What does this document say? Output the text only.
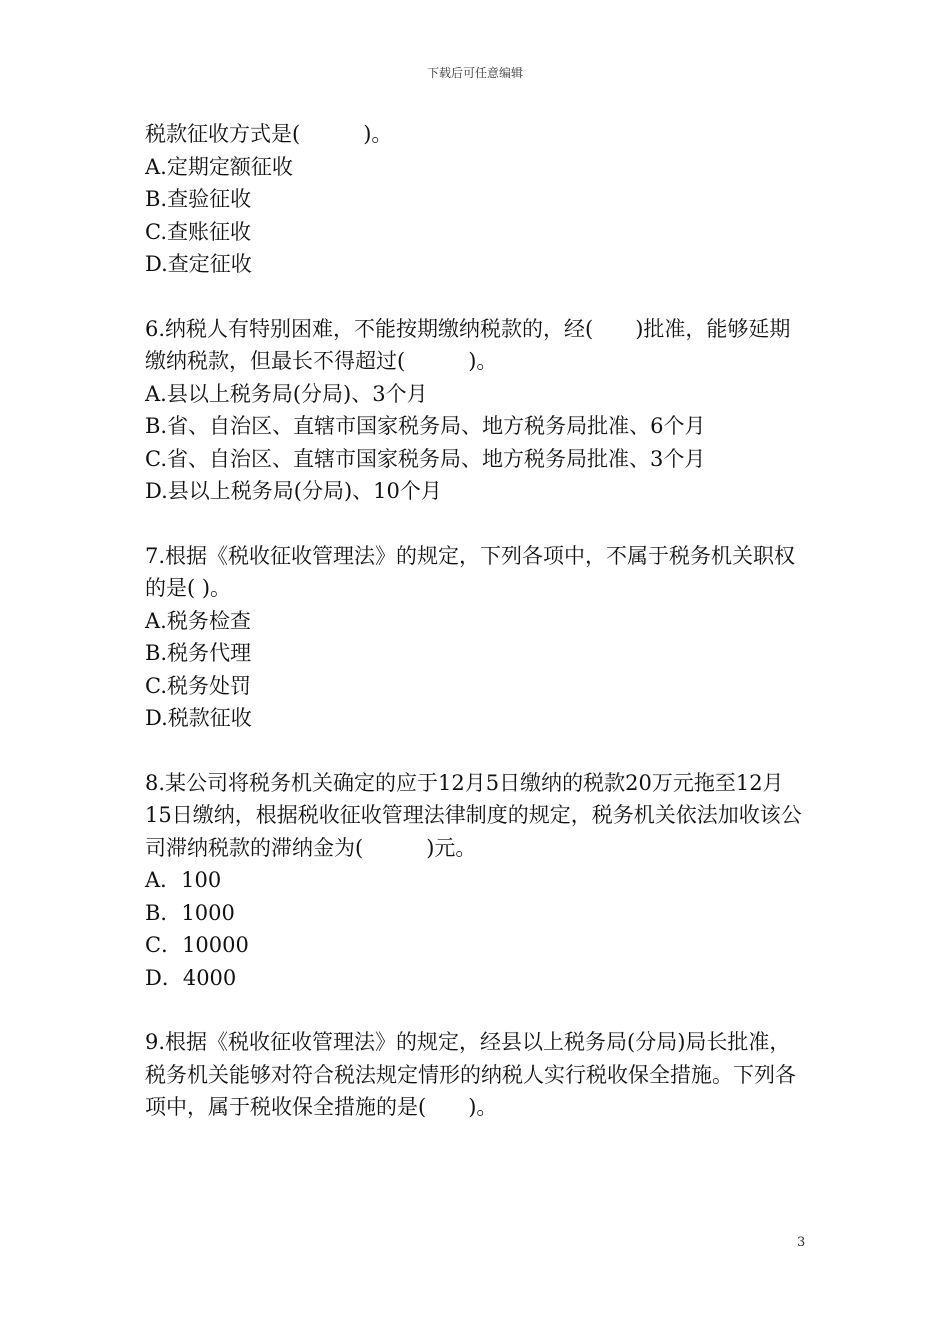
下载后可任意编辑

税款征收方式是(　　　)。

A.定期定额征收

B.查验征收

C.查账征收

D.查定征收

6.纳税人有特别困难，不能按期缴纳税款的，经(　　)批准，能够延期缴纳税款，但最长不得超过(　　　)。

A.县以上税务局(分局)、3个月

B.省、自治区、直辖市国家税务局、地方税务局批准、6个月

C.省、自治区、直辖市国家税务局、地方税务局批准、3个月

D.县以上税务局(分局)、10个月

7.根据《税收征收管理法》的规定，下列各项中，不属于税务机关职权的是( )。

A.税务检查

B.税务代理

C.税务处罚

D.税款征收

8.某公司将税务机关确定的应于12月5日缴纳的税款20万元拖至12月15日缴纳，根据税收征收管理法律制度的规定，税务机关依法加收该公司滞纳税款的滞纳金为(　　　)元。

A．100

B．1000

C．10000

D．4000

9.根据《税收征收管理法》的规定，经县以上税务局(分局)局长批准，税务机关能够对符合税法规定情形的纳税人实行税收保全措施。下列各项中，属于税收保全措施的是(　　)。

3
